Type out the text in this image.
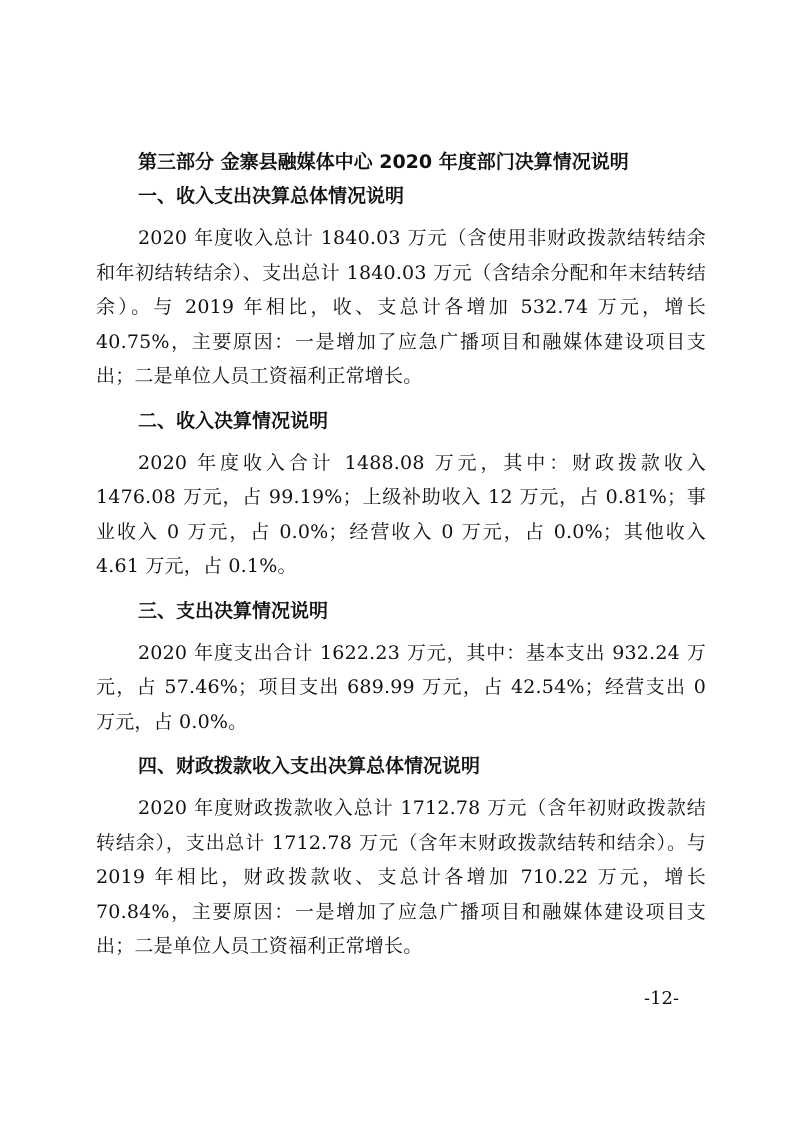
第三部分 金寨县融媒体中心 2020 年度部门决算情况说明
一、收入支出决算总体情况说明

2020 年度收入总计 1840.03 万元（含使用非财政拨款结转结余和年初结转结余）、支出总计 1840.03 万元（含结余分配和年末结转结余）。与 2019 年相比，收、支总计各增加 532.74 万元，增长 40.75%，主要原因：一是增加了应急广播项目和融媒体建设项目支出；二是单位人员工资福利正常增长。

二、收入决算情况说明

2020 年度收入合计 1488.08 万元，其中：财政拨款收入 1476.08 万元，占 99.19%；上级补助收入 12 万元，占 0.81%；事业收入 0 万元，占 0.0%；经营收入 0 万元，占 0.0%；其他收入 4.61 万元，占 0.1%。

三、支出决算情况说明

2020 年度支出合计 1622.23 万元，其中：基本支出 932.24 万元，占 57.46%；项目支出 689.99 万元，占 42.54%；经营支出 0 万元，占 0.0%。

四、财政拨款收入支出决算总体情况说明

2020 年度财政拨款收入总计 1712.78 万元（含年初财政拨款结转结余），支出总计 1712.78 万元（含年末财政拨款结转和结余）。与 2019 年相比，财政拨款收、支总计各增加 710.22 万元，增长 70.84%，主要原因：一是增加了应急广播项目和融媒体建设项目支出；二是单位人员工资福利正常增长。

-12-
